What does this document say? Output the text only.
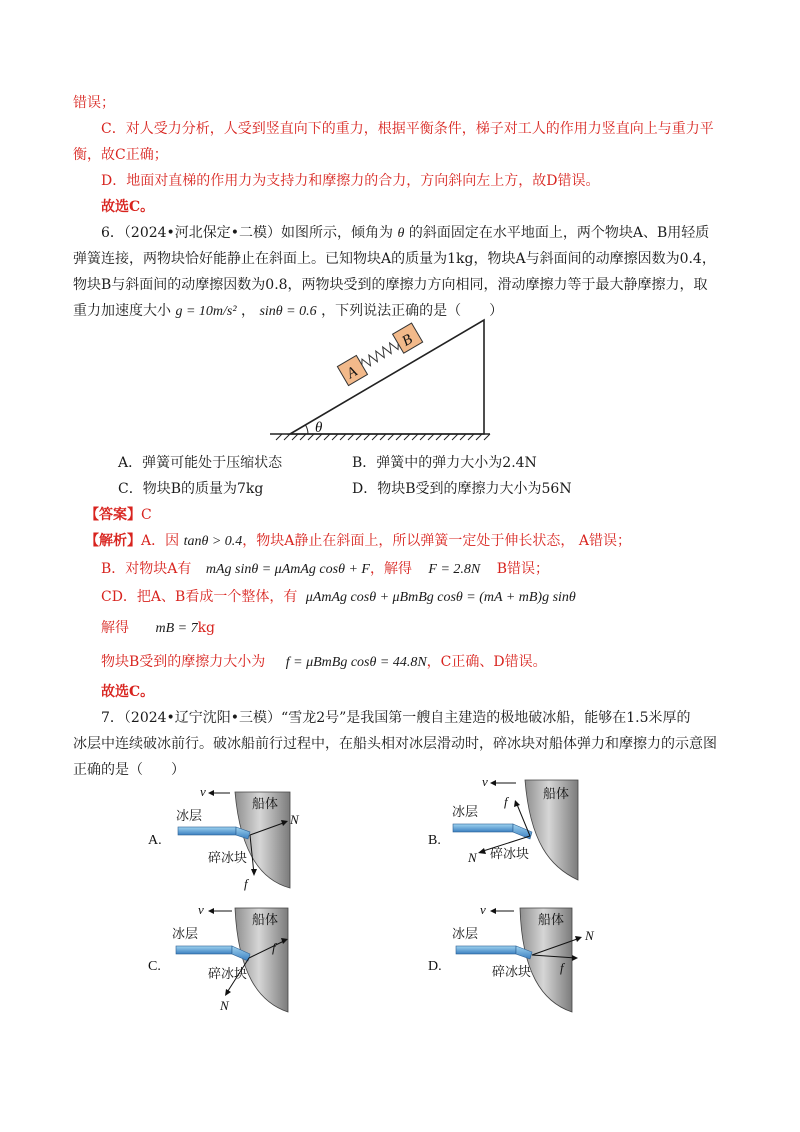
错误；
C．对人受力分析，人受到竖直向下的重力，根据平衡条件，梯子对工人的作用力竖直向上与重力平
衡，故C正确；
D．地面对直梯的作用力为支持力和摩擦力的合力，方向斜向左上方，故D错误。
故选C。
6．（2024•河北保定•二模）如图所示，倾角为 θ 的斜面固定在水平地面上，两个物块A、B用轻质
弹簧连接，两物块恰好能静止在斜面上。已知物块A的质量为1kg，物块A与斜面间的动摩擦因数为0.4，
物块B与斜面间的动摩擦因数为0.8，两物块受到的摩擦力方向相同，滑动摩擦力等于最大静摩擦力，取
重力加速度大小 g = 10m/s² ， sinθ = 0.6 ，下列说法正确的是（　　）
θ
A
B
A．弹簧可能处于压缩状态	B．弹簧中的弹力大小为2.4N
C．物块B的质量为7kg	D．物块B受到的摩擦力大小为56N
【答案】C
【解析】A．因 tanθ > 0.4，物块A静止在斜面上，所以弹簧一定处于伸长状态， A错误；
B．对物块A有 mAg sinθ = μAmAg cosθ + F，解得 F = 2.8N B错误；
CD．把A、B看成一个整体，有 μAmAg cosθ + μBmBg cosθ = (mA + mB)g sinθ
解得 mB = 7kg
物块B受到的摩擦力大小为 f = μBmBg cosθ = 44.8N，C正确、D错误。
故选C。
7．（2024•辽宁沈阳•三模）“雪龙2号”是我国第一艘自主建造的极地破冰船，能够在1.5米厚的
冰层中连续破冰前行。破冰船前行过程中，在船头相对冰层滑动时，碎冰块对船体弹力和摩擦力的示意图
正确的是（　　）
A.
船体
v
冰层	N
f
碎冰块
B.
船体
v
冰层
f
N 碎冰块
C.
船体
v
冰层
f
N
碎冰块	D.
船体
v
冰层	N
f
碎冰块
